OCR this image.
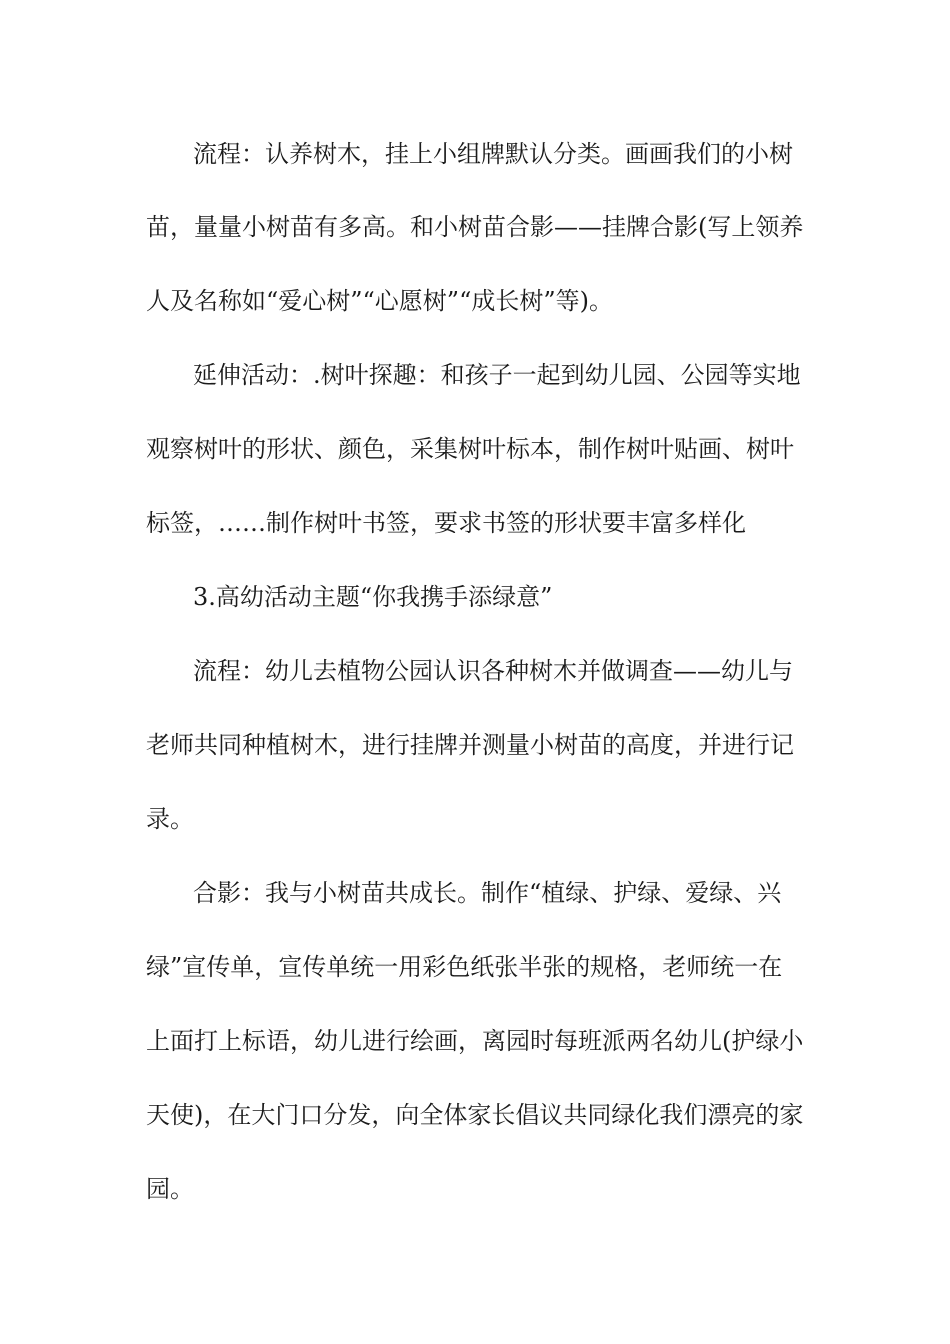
流程：认养树木，挂上小组牌默认分类。画画我们的小树
苗，量量小树苗有多高。和小树苗合影——挂牌合影(写上领养
人及名称如“爱心树”“心愿树”“成长树”等)。
延伸活动：.树叶探趣：和孩子一起到幼儿园、公园等实地
观察树叶的形状、颜色，采集树叶标本，制作树叶贴画、树叶
标签，……制作树叶书签，要求书签的形状要丰富多样化
3.高幼活动主题“你我携手添绿意”
流程：幼儿去植物公园认识各种树木并做调查——幼儿与
老师共同种植树木，进行挂牌并测量小树苗的高度，并进行记
录。
合影：我与小树苗共成长。制作“植绿、护绿、爱绿、兴
绿”宣传单，宣传单统一用彩色纸张半张的规格，老师统一在
上面打上标语，幼儿进行绘画，离园时每班派两名幼儿(护绿小
天使)，在大门口分发，向全体家长倡议共同绿化我们漂亮的家
园。
